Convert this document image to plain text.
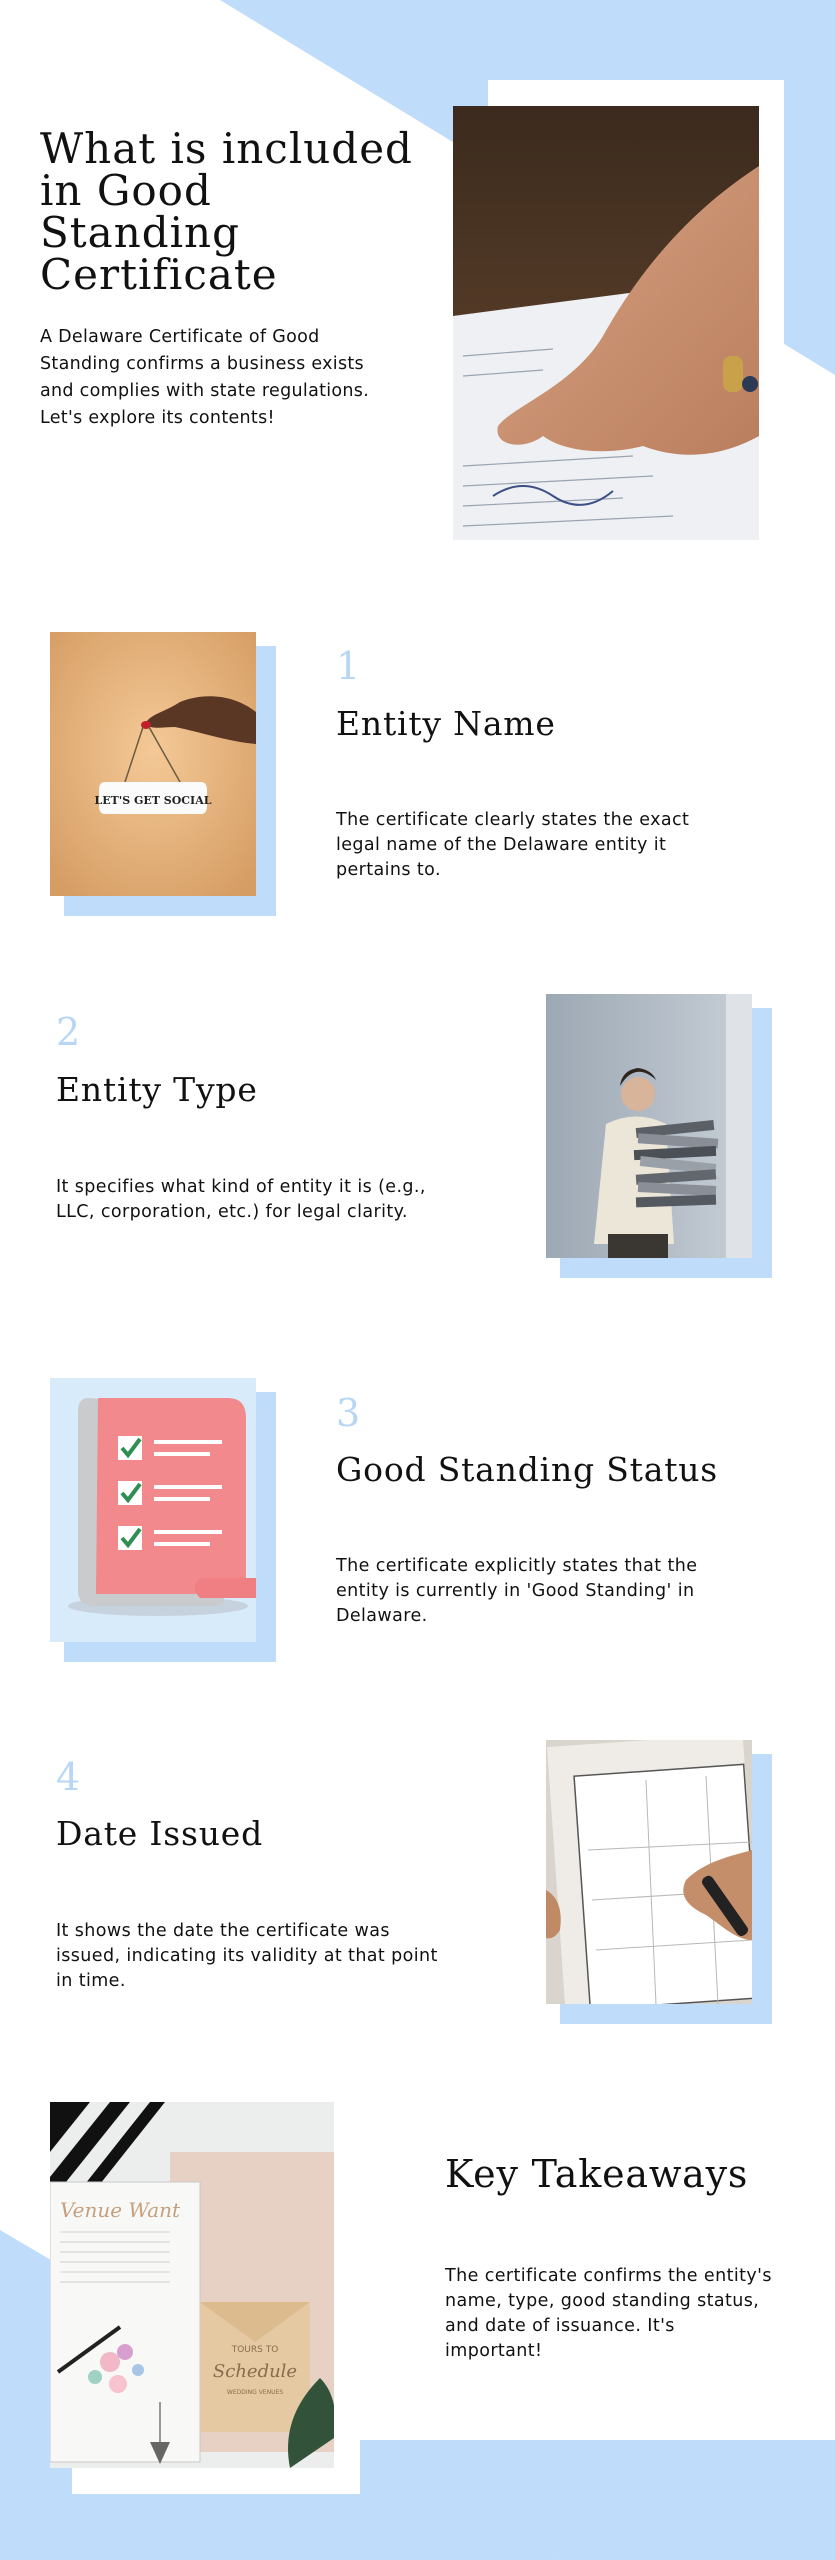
What is included in Good Standing Certificate

A Delaware Certificate of Good Standing confirms a business exists and complies with state regulations. Let's explore its contents!

LET'S GET SOCIAL
1
Entity Name

The certificate clearly states the exact legal name of the Delaware entity it pertains to.

2
Entity Type

It specifies what kind of entity it is (e.g., LLC, corporation, etc.) for legal clarity.

3
Good Standing Status

The certificate explicitly states that the entity is currently in 'Good Standing' in Delaware.

4
Date Issued

It shows the date the certificate was issued, indicating its validity at that point in time.

Venue Want
TOURS TO
Schedule
WEDDING VENUES
Key Takeaways

The certificate confirms the entity's name, type, good standing status, and date of issuance. It's important!
